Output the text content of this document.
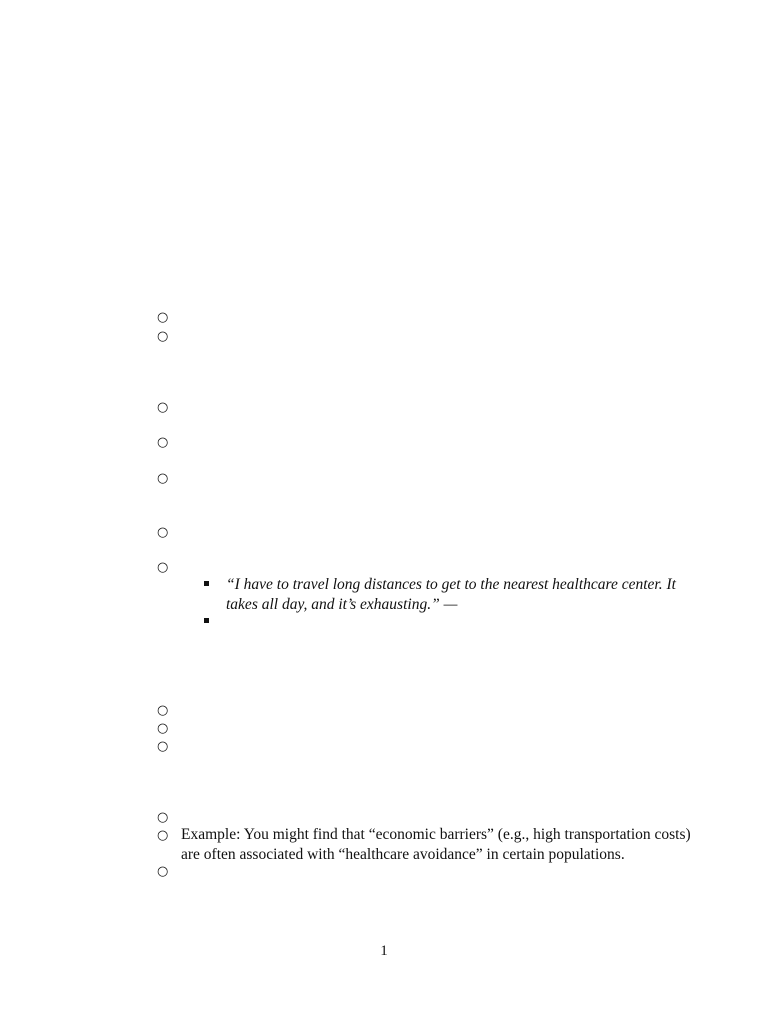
○
○
○
○
○
○
○
“I have to travel long distances to get to the nearest healthcare center. It
takes all day, and it’s exhausting.” —
○
○
○
○
○ Example: You might find that “economic barriers” (e.g., high transportation costs)
are often associated with “healthcare avoidance” in certain populations.
○
1
